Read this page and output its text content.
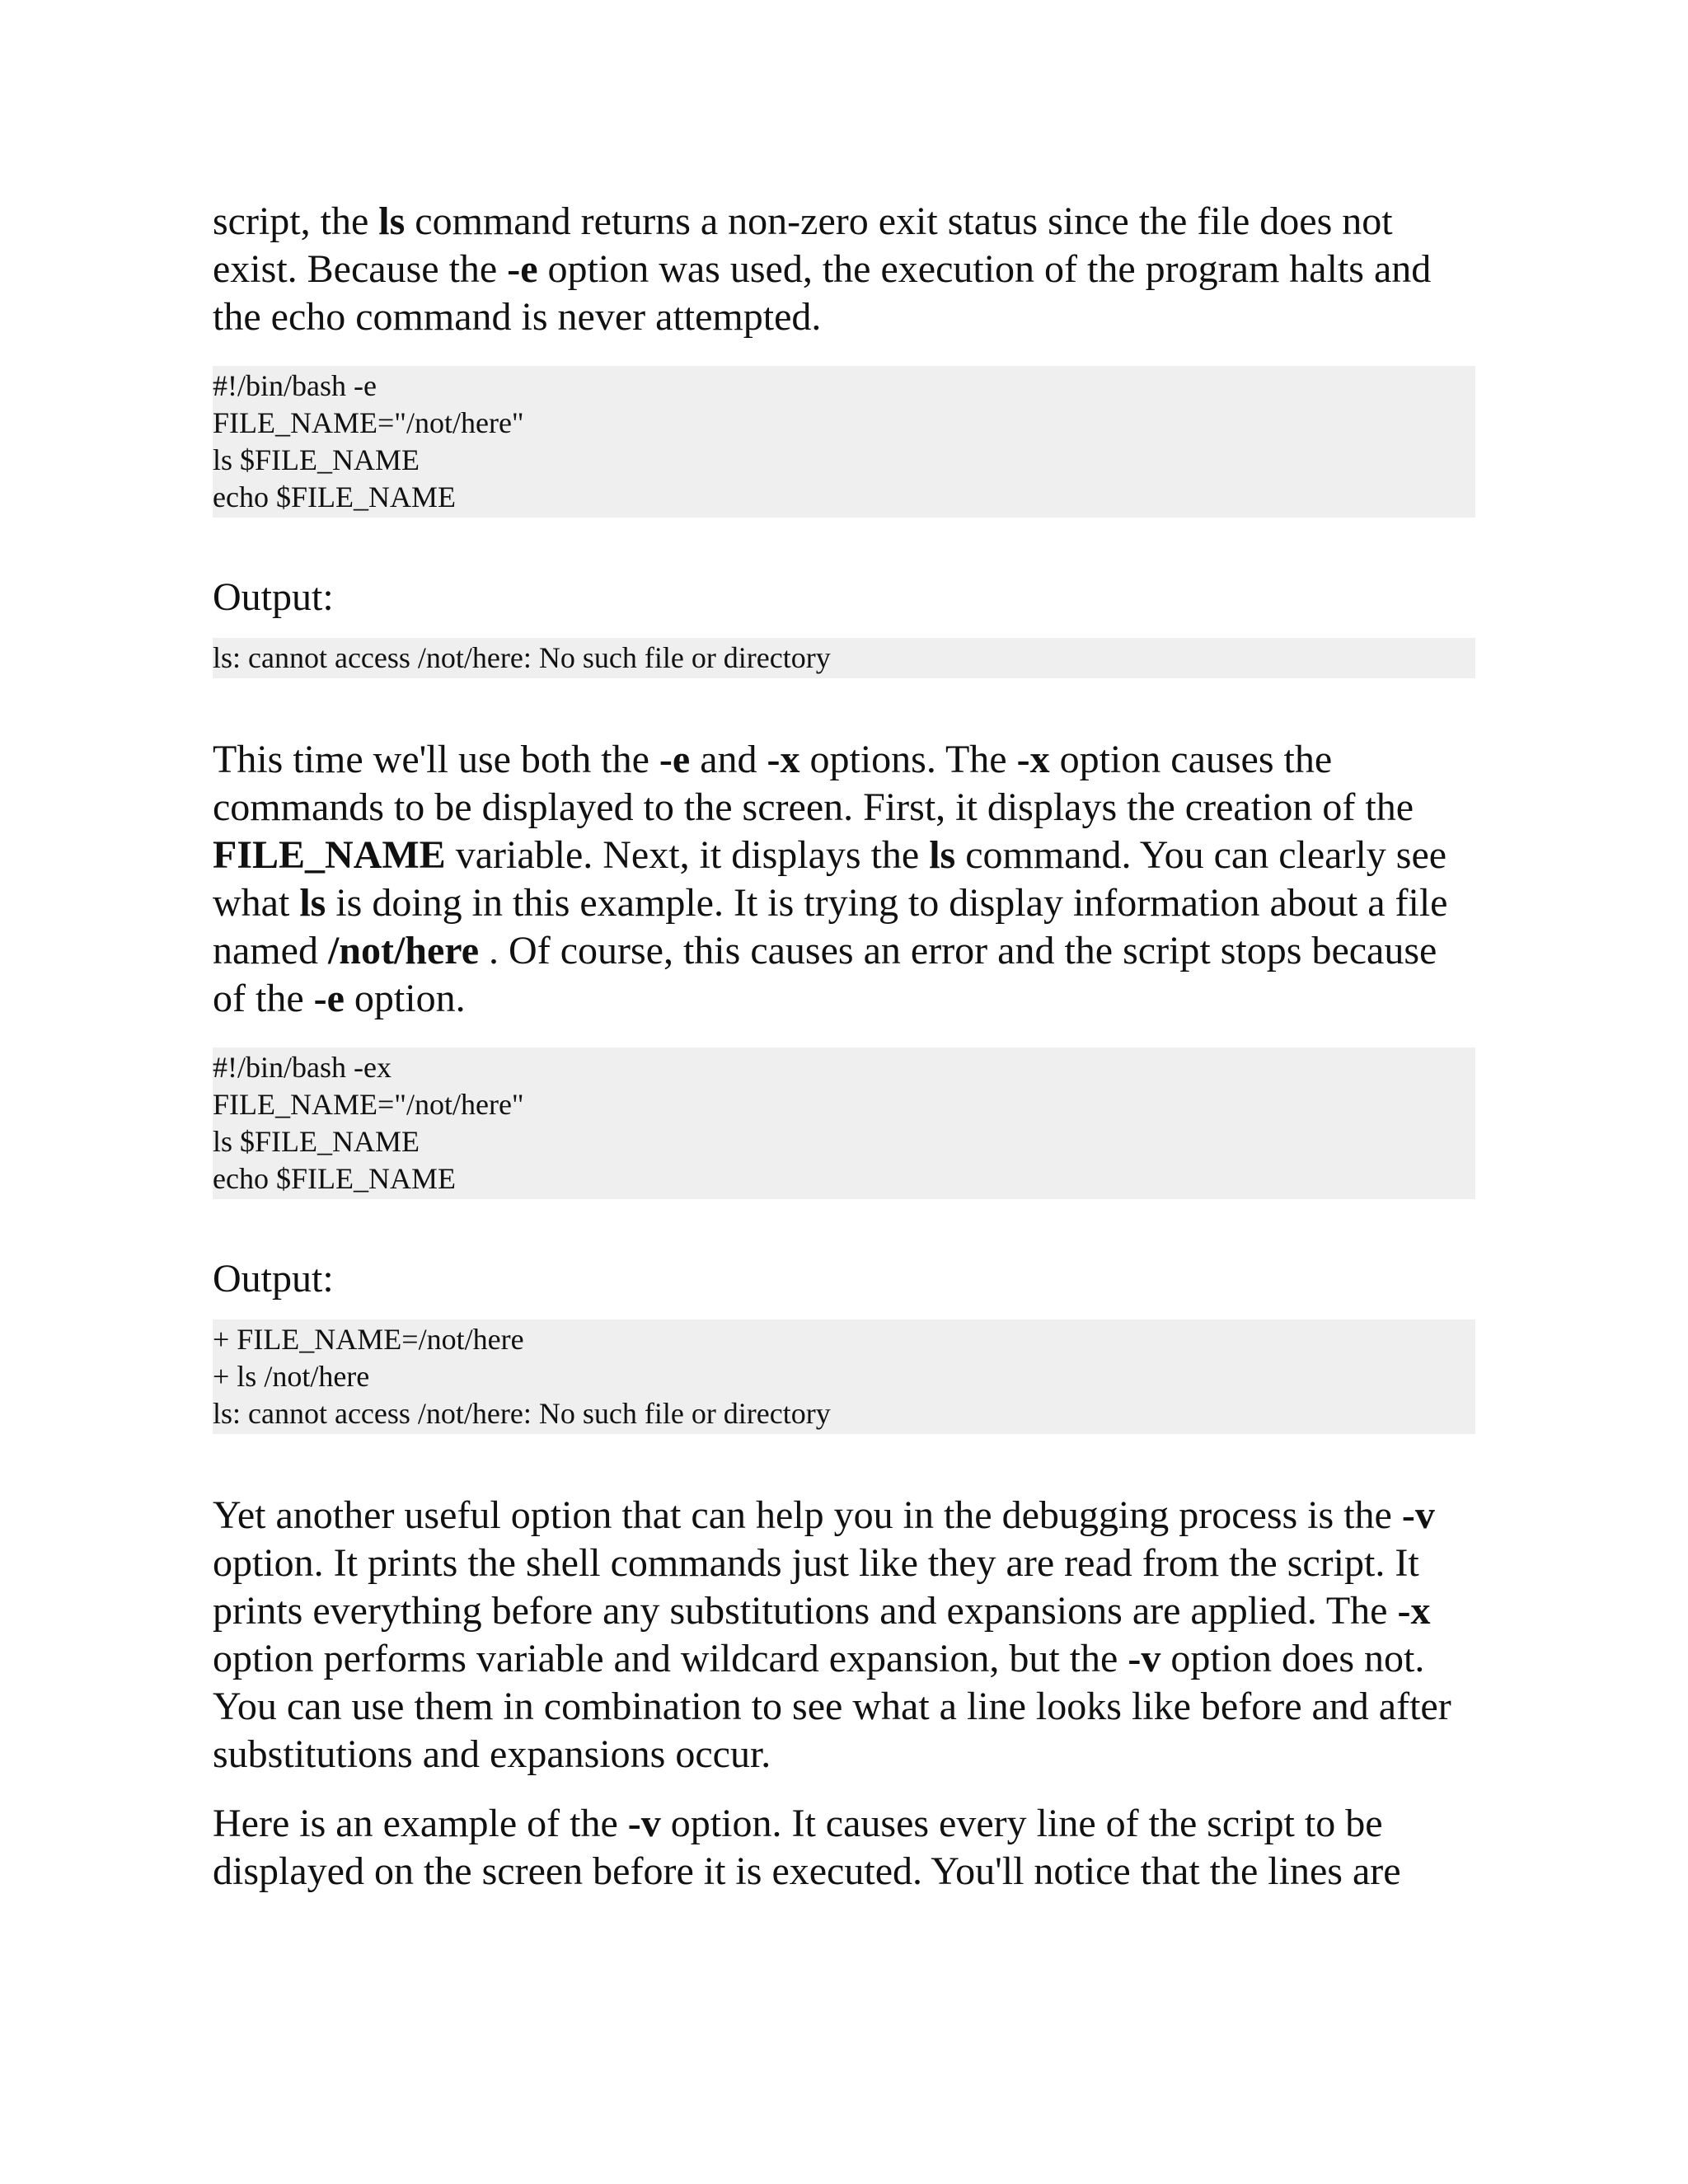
script, the ls command returns a non-zero exit status since the file does not exist. Because the -e option was used, the execution of the program halts and the echo command is never attempted.

#!/bin/bash -e
FILE_NAME="/not/here"
ls $FILE_NAME
echo $FILE_NAME
Output:
ls: cannot access /not/here: No such file or directory

This time we'll use both the -e and -x options. The -x option causes the commands to be displayed to the screen. First, it displays the creation of the FILE_NAME variable. Next, it displays the ls command. You can clearly see what ls is doing in this example. It is trying to display information about a file named /not/here . Of course, this causes an error and the script stops because of the -e option.

#!/bin/bash -ex
FILE_NAME="/not/here"
ls $FILE_NAME
echo $FILE_NAME
Output:
+ FILE_NAME=/not/here
+ ls /not/here
ls: cannot access /not/here: No such file or directory

Yet another useful option that can help you in the debugging process is the -v option. It prints the shell commands just like they are read from the script. It prints everything before any substitutions and expansions are applied. The -x option performs variable and wildcard expansion, but the -v option does not. You can use them in combination to see what a line looks like before and after substitutions and expansions occur.

Here is an example of the -v option. It causes every line of the script to be displayed on the screen before it is executed. You'll notice that the lines are
